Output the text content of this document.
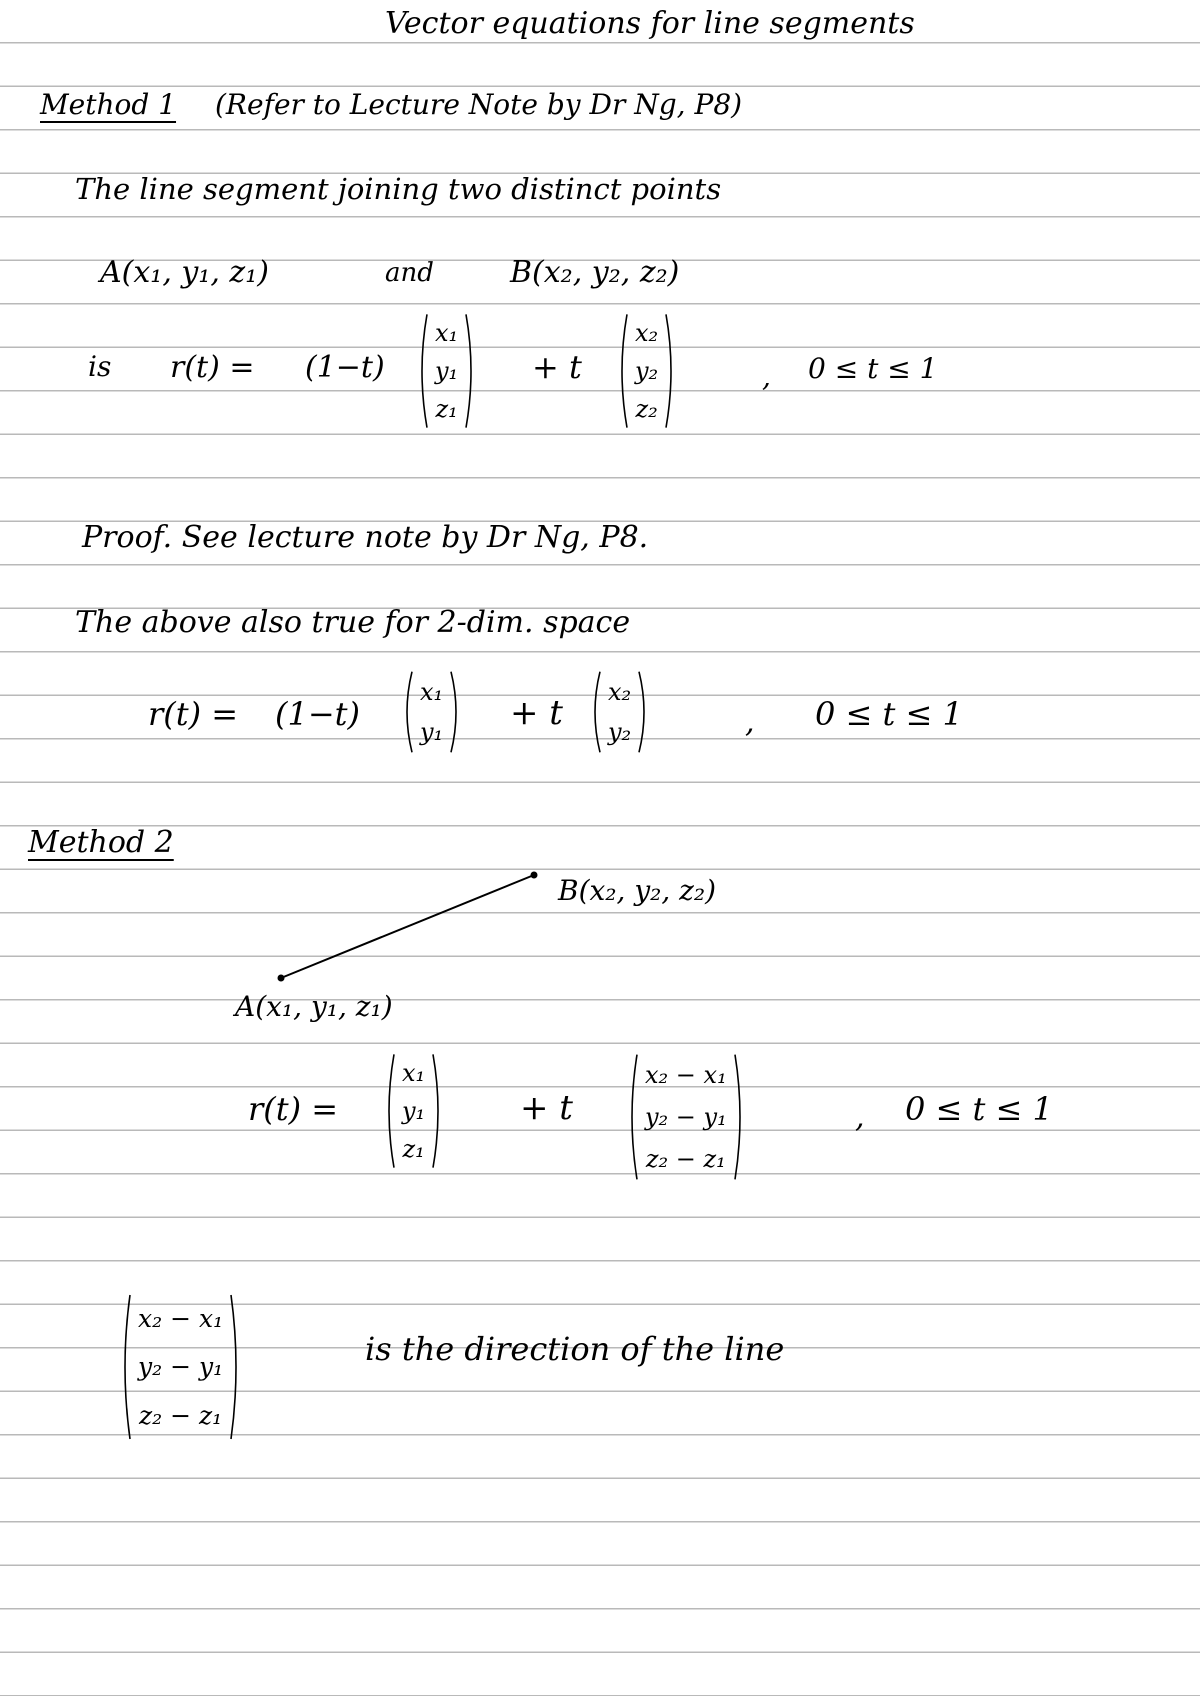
Vector equations for line segments
Method 1 (Refer to Lecture Note by Dr Ng, P8)
The line segment joining two distinct points
A(x₁, y₁, z₁)	and	B(x₂, y₂, z₂)
is r(t) = (1−t)
x₁
y₁
z₁
+ t
x₂
y₂
z₂
, 0 ≤ t ≤ 1
Proof. See lecture note by Dr Ng, P8.
The above also true for 2-dim. space
r(t) = (1−t)
x₁
y₁ + t
x₂
y₂	, 0 ≤ t ≤ 1
Method 2
B(x₂, y₂, z₂)
A(x₁, y₁, z₁)
r(t) =
x₁
y₁
z₁
+ t
x₂ − x₁
y₂ − y₁
z₂ − z₁
, 0 ≤ t ≤ 1
x₂ − x₁
y₂ − y₁
z₂ − z₁
is the direction of the line
